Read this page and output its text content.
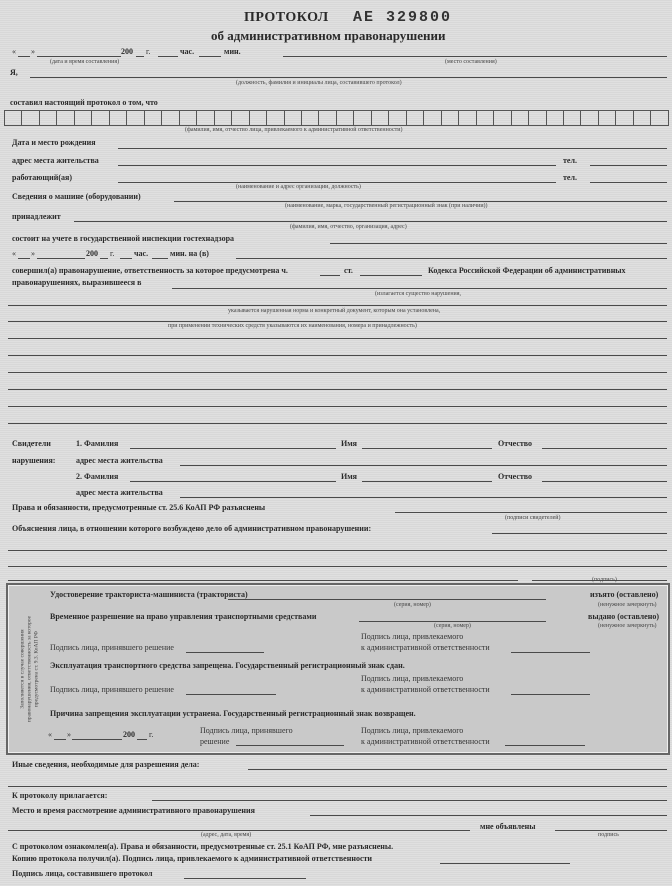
ПРОТОКОЛ АЕ 329800
об административном правонарушении
« »	200 г.	час.	мин.
(дата и время составления)	(место составления)
Я,
(должность, фамилия и инициалы лица, составившего протокол)
составил настоящий протокол о том, что
(фамилия, имя, отчество лица, привлекаемого к административной ответственности)
Дата и место рождения
адрес места жительства	тел.
работающий(ая)	тел.
(наименование и адрес организации, должность)
Сведения о машине (оборудовании)
(наименование, марка, государственный регистрационный знак (при наличии))
принадлежит
(фамилия, имя, отчество, организация, адрес)
состоит на учете в государственной инспекции гостехнадзора
« »	200 г. час.	мин. на (в)
совершил(а) правонарушение, ответственность за которое предусмотрена ч.	ст.	Кодекса Российской Федерации об административных
правонарушениях, выразившееся в
(излагается существо нарушения,
указывается нарушенная норма и конкретный документ, которым она установлена,
при применении технических средств указываются их наименования, номера и принадлежность)
Свидетели
нарушения:
1. Фамилия	Имя	Отчество
адрес места жительства
2. Фамилия	Имя	Отчество
адрес места жительства
Права и обязанности, предусмотренные ст. 25.6 КоАП РФ разъяснены
(подписи свидетелей)
Объяснения лица, в отношении которого возбуждено дело об административном правонарушении:
(подпись)
Заполняется в случае совершения правонарушения, ответственность за которое предусмотрена ст. 9.3. КоАП РФ
Удостоверение тракториста-машиниста (тракториста)	изъято (оставлено)
(серия, номер)	(ненужное зачеркнуть)
Временное разрешение на право управления транспортными средствами	выдано (оставлено)
(серия, номер)	(ненужное зачеркнуть)
Подпись лица, принявшего решение
Подпись лица, привлекаемого
к административной ответственности
Эксплуатация транспортного средства запрещена. Государственный регистрационный знак сдан.
Подпись лица, принявшего решение
Подпись лица, привлекаемого
к административной ответственности
Причина запрещения эксплуатации устранена. Государственный регистрационный знак возвращен.
« »	200 г.	Подпись лица, принявшего
решение
Подпись лица, привлекаемого
к административной ответственности
Иные сведения, необходимые для разрешения дела:
К протоколу прилагается:
Место и время рассмотрение административного правонарушения
мне объявлены
(адрес, дата, время)	подпись
С протоколом ознакомлен(а). Права и обязанности, предусмотренные ст. 25.1 КоАП РФ, мне разъяснены.
Копию протокола получил(а). Подпись лица, привлекаемого к административной ответственности
Подпись лица, составившего протокол
